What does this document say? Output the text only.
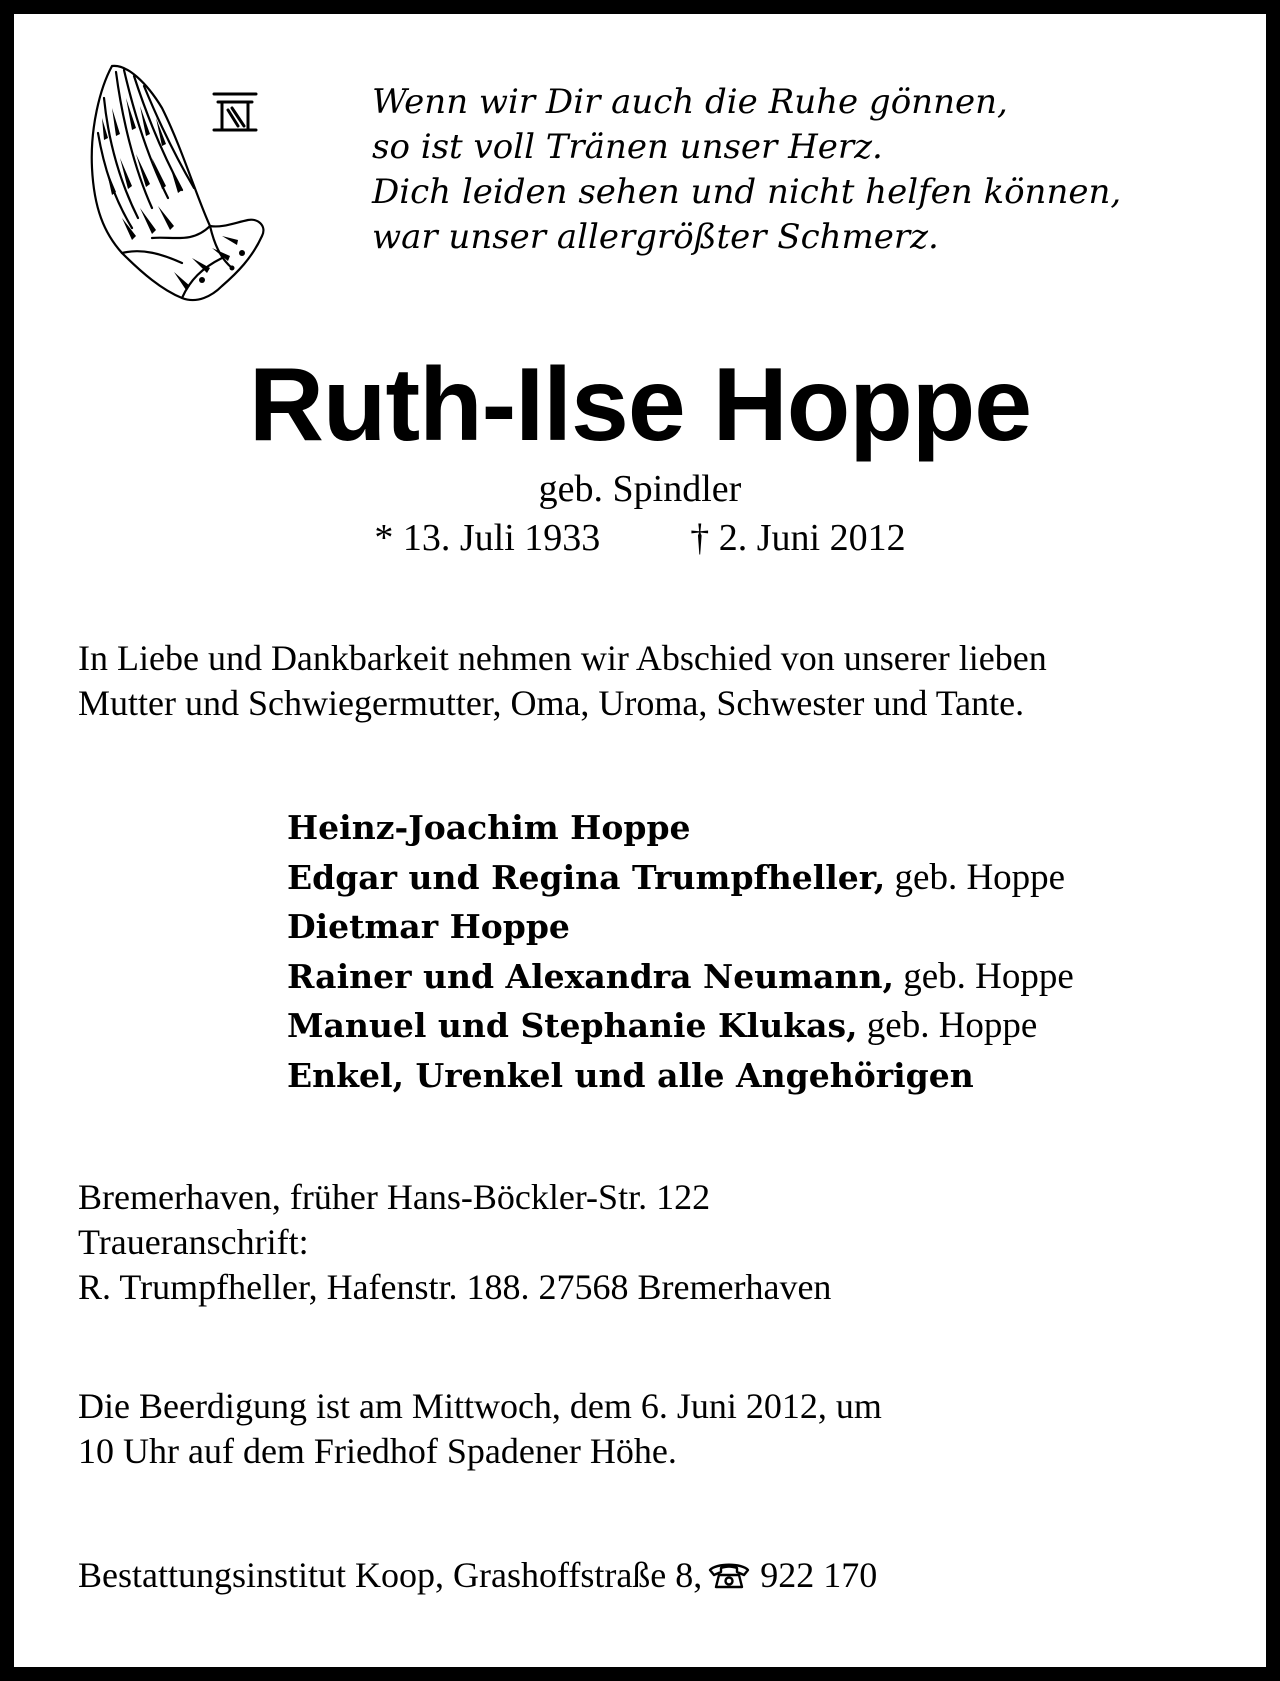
Wenn wir Dir auch die Ruhe gönnen,
so ist voll Tränen unser Herz.
Dich leiden sehen und nicht helfen können,
war unser allergrößter Schmerz.
Ruth-Ilse Hoppe
geb. Spindler
* 13. Juli 1933 † 2. Juni 2012
In Liebe und Dankbarkeit nehmen wir Abschied von unserer lieben
Mutter und Schwiegermutter, Oma, Uroma, Schwester und Tante.
Heinz-Joachim Hoppe
Edgar und Regina Trumpfheller, geb. Hoppe
Dietmar Hoppe
Rainer und Alexandra Neumann, geb. Hoppe
Manuel und Stephanie Klukas, geb. Hoppe
Enkel, Urenkel und alle Angehörigen
Bremerhaven, früher Hans-Böckler-Str. 122
Traueranschrift:
R. Trumpfheller, Hafenstr. 188. 27568 Bremerhaven
Die Beerdigung ist am Mittwoch, dem 6. Juni 2012, um
10 Uhr auf dem Friedhof Spadener Höhe.
Bestattungsinstitut Koop, Grashoffstraße 8, 922 170
